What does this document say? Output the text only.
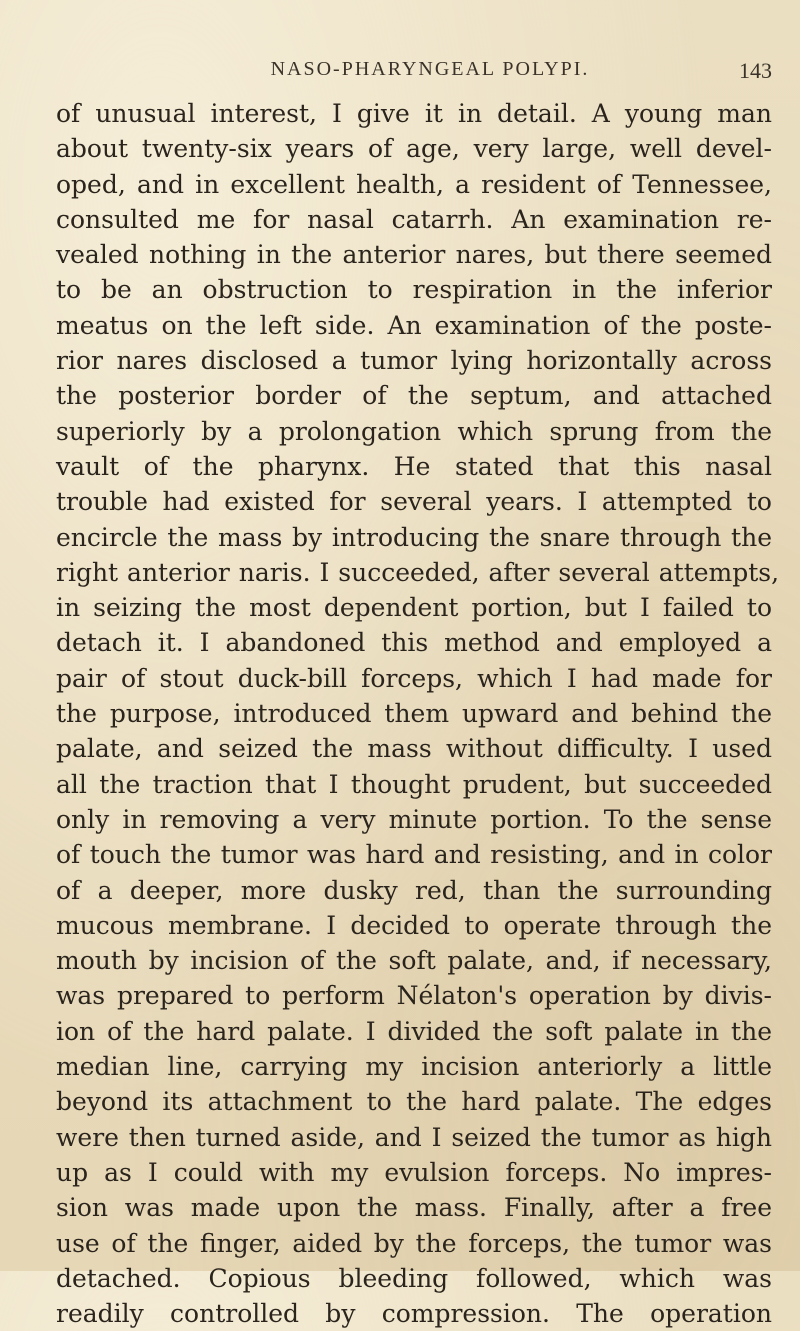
NASO-PHARYNGEAL POLYPI.	143
of unusual interest, I give it in detail. A young man
about twenty-six years of age, very large, well devel-
oped, and in excellent health, a resident of Tennessee,
consulted me for nasal catarrh. An examination re-
vealed nothing in the anterior nares, but there seemed
to be an obstruction to respiration in the inferior
meatus on the left side. An examination of the poste-
rior nares disclosed a tumor lying horizontally across
the posterior border of the septum, and attached
superiorly by a prolongation which sprung from the
vault of the pharynx. He stated that this nasal
trouble had existed for several years. I attempted to
encircle the mass by introducing the snare through the
right anterior naris. I succeeded, after several attempts,
in seizing the most dependent portion, but I failed to
detach it. I abandoned this method and employed a
pair of stout duck-bill forceps, which I had made for
the purpose, introduced them upward and behind the
palate, and seized the mass without difficulty. I used
all the traction that I thought prudent, but succeeded
only in removing a very minute portion. To the sense
of touch the tumor was hard and resisting, and in color
of a deeper, more dusky red, than the surrounding
mucous membrane. I decided to operate through the
mouth by incision of the soft palate, and, if necessary,
was prepared to perform Nélaton's operation by divis-
ion of the hard palate. I divided the soft palate in the
median line, carrying my incision anteriorly a little
beyond its attachment to the hard palate. The edges
were then turned aside, and I seized the tumor as high
up as I could with my evulsion forceps. No impres-
sion was made upon the mass. Finally, after a free
use of the finger, aided by the forceps, the tumor was
detached. Copious bleeding followed, which was
readily controlled by compression. The operation
